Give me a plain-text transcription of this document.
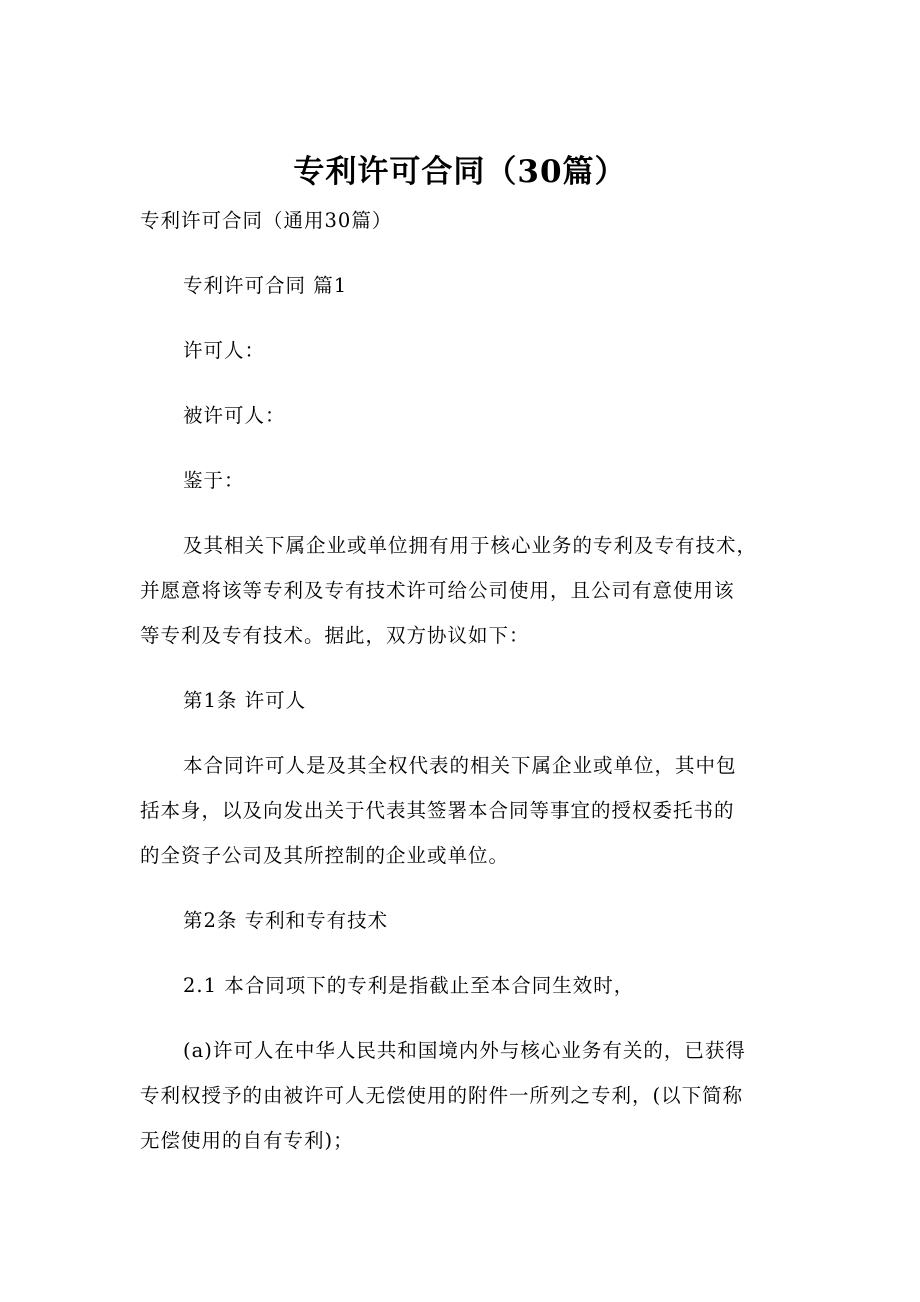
专利许可合同（30篇）
专利许可合同（通用30篇）
专利许可合同 篇1
许可人：
被许可人：
鉴于：
及其相关下属企业或单位拥有用于核心业务的专利及专有技术，
并愿意将该等专利及专有技术许可给公司使用，且公司有意使用该
等专利及专有技术。据此，双方协议如下：
第1条 许可人
本合同许可人是及其全权代表的相关下属企业或单位，其中包
括本身，以及向发出关于代表其签署本合同等事宜的授权委托书的
的全资子公司及其所控制的企业或单位。
第2条 专利和专有技术
2.1 本合同项下的专利是指截止至本合同生效时，
(a)许可人在中华人民共和国境内外与核心业务有关的，已获得
专利权授予的由被许可人无偿使用的附件一所列之专利，(以下简称
无偿使用的自有专利)；
